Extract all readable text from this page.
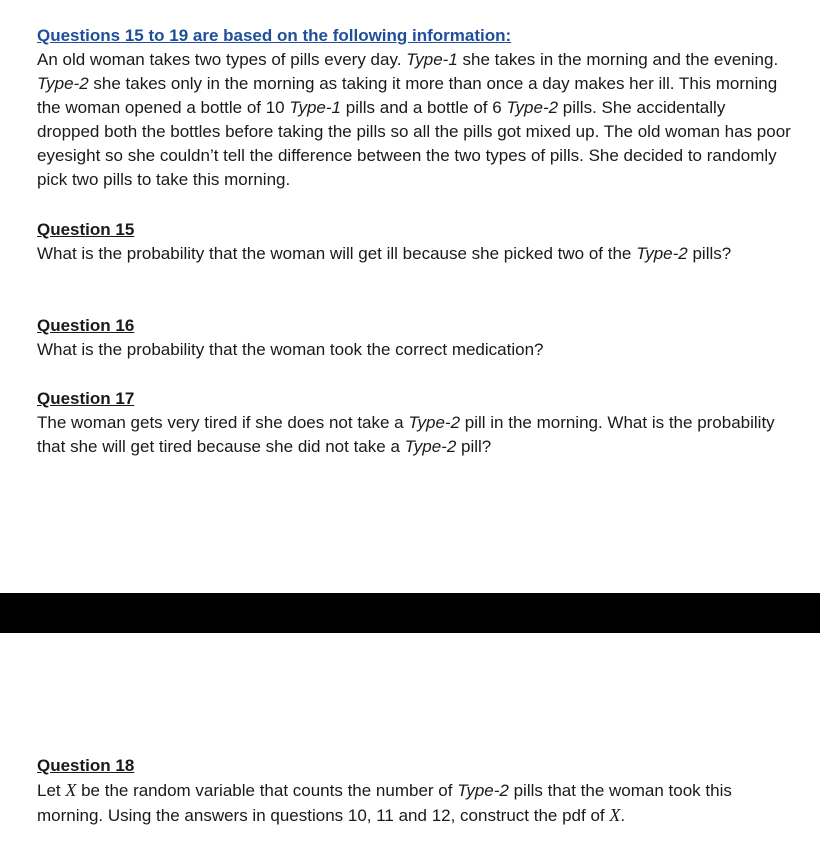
Questions 15 to 19 are based on the following information:
An old woman takes two types of pills every day. Type-1 she takes in the morning and the evening. Type-2 she takes only in the morning as taking it more than once a day makes her ill. This morning the woman opened a bottle of 10 Type-1 pills and a bottle of 6 Type-2 pills. She accidentally dropped both the bottles before taking the pills so all the pills got mixed up. The old woman has poor eyesight so she couldn’t tell the difference between the two types of pills. She decided to randomly pick two pills to take this morning.
Question 15
What is the probability that the woman will get ill because she picked two of the Type-2 pills?
Question 16
What is the probability that the woman took the correct medication?
Question 17
The woman gets very tired if she does not take a Type-2 pill in the morning. What is the probability that she will get tired because she did not take a Type-2 pill?
Question 18
Let X be the random variable that counts the number of Type-2 pills that the woman took this morning. Using the answers in questions 10, 11 and 12, construct the pdf of X.
